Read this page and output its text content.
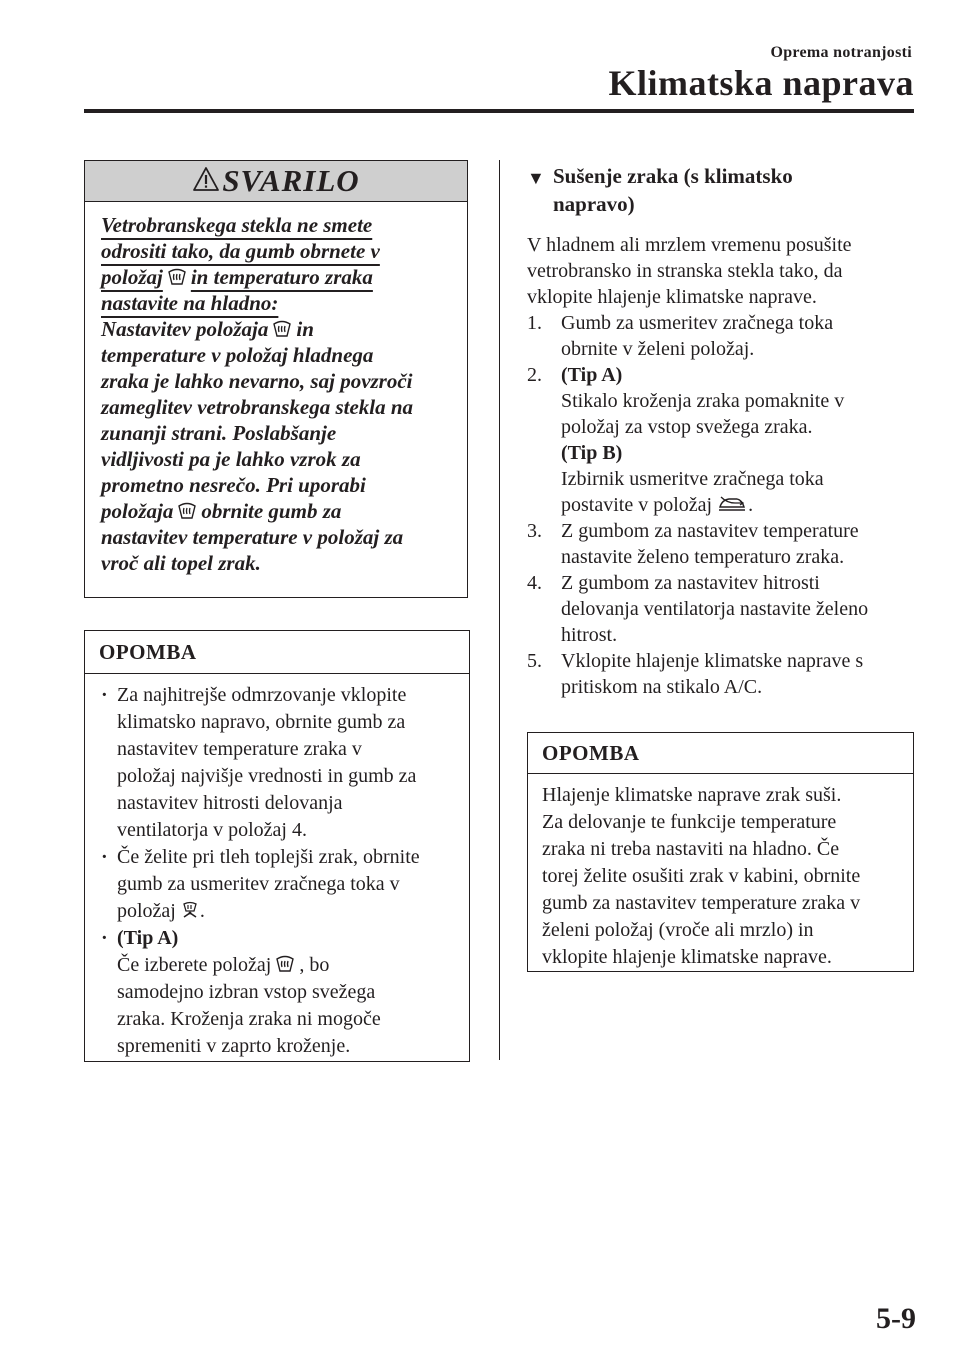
Oprema notranjosti
Klimatska naprava
SVARILO
Vetrobranskega stekla ne smete
odrositi tako, da gumb obrnete v
položaj in temperaturo zraka
nastavite na hladno:
Nastavitev položaja in
temperature v položaj hladnega
zraka je lahko nevarno, saj povzroči
zameglitev vetrobranskega stekla na
zunanji strani. Poslabšanje
vidljivosti pa je lahko vzrok za
prometno nesrečo. Pri uporabi
položaja obrnite gumb za
nastavitev temperature v položaj za
vroč ali topel zrak.
OPOMBA
· Za najhitrejše odmrzovanje vklopite
klimatsko napravo, obrnite gumb za
nastavitev temperature zraka v
položaj najvišje vrednosti in gumb za
nastavitev hitrosti delovanja
ventilatorja v položaj 4.
· Če želite pri tleh toplejši zrak, obrnite
gumb za usmeritev zračnega toka v
položaj .
· (Tip A)
Če izberete položaj , bo
samodejno izbran vstop svežega
zraka. Kroženja zraka ni mogoče
spremeniti v zaprto kroženje.
▼ Sušenje zraka (s klimatsko
napravo)
V hladnem ali mrzlem vremenu posušite
vetrobransko in stranska stekla tako, da
vklopite hlajenje klimatske naprave.
1. Gumb za usmeritev zračnega toka
obrnite v želeni položaj.
2. (Tip A)
Stikalo kroženja zraka pomaknite v
položaj za vstop svežega zraka.
(Tip B)
Izbirnik usmeritve zračnega toka
postavite v položaj .
3. Z gumbom za nastavitev temperature
nastavite želeno temperaturo zraka.
4. Z gumbom za nastavitev hitrosti
delovanja ventilatorja nastavite želeno
hitrost.
5. Vklopite hlajenje klimatske naprave s
pritiskom na stikalo A/C.
OPOMBA
Hlajenje klimatske naprave zrak suši.
Za delovanje te funkcije temperature
zraka ni treba nastaviti na hladno. Če
torej želite osušiti zrak v kabini, obrnite
gumb za nastavitev temperature zraka v
želeni položaj (vroče ali mrzlo) in
vklopite hlajenje klimatske naprave.
5-9
